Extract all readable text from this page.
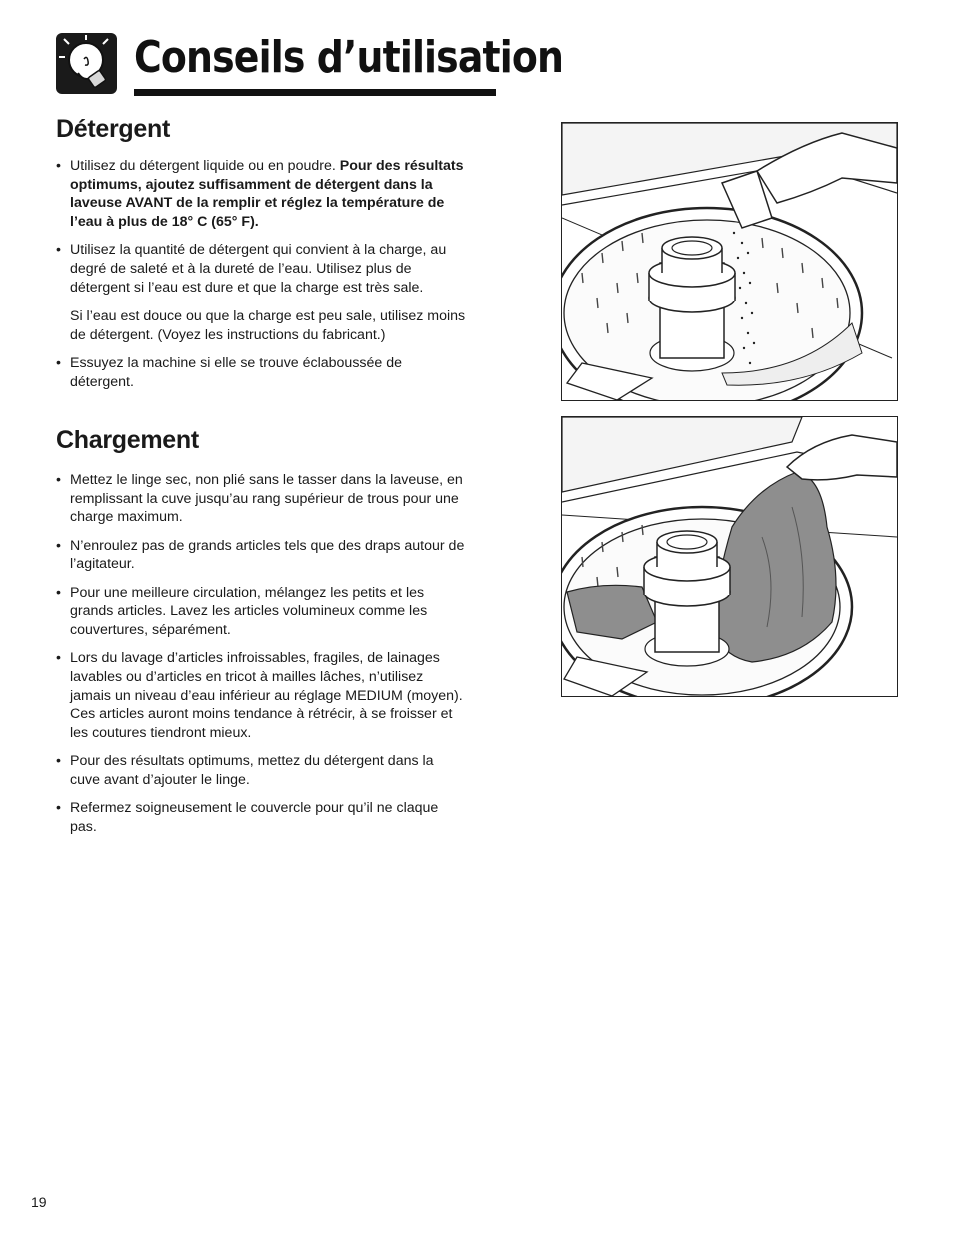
Conseils d’utilisation
Détergent
• Utilisez du détergent liquide ou en poudre. Pour des résultats optimums, ajoutez suffisamment de détergent dans la laveuse AVANT de la remplir et réglez la température de l’eau à plus de 18° C (65° F).
• Utilisez la quantité de détergent qui convient à la charge, au degré de saleté et à la dureté de l’eau. Utilisez plus de détergent si l’eau est dure et que la charge est très sale.
Si l’eau est douce ou que la charge est peu sale, utilisez moins de détergent. (Voyez les instructions du fabricant.)
• Essuyez la machine si elle se trouve éclaboussée de détergent.
Chargement
• Mettez le linge sec, non plié sans le tasser dans la laveuse, en remplissant la cuve jusqu’au rang supérieur de trous pour une charge maximum.
• N’enroulez pas de grands articles tels que des draps autour de l’agitateur.
• Pour une meilleure circulation, mélangez les petits et les grands articles. Lavez les articles volumineux comme les couvertures, séparément.
• Lors du lavage d’articles infroissables, fragiles, de lainages lavables ou d’articles en tricot à mailles lâches, n’utilisez jamais un niveau d’eau inférieur au réglage MEDIUM (moyen). Ces articles auront moins tendance à rétrécir, à se froisser et les coutures tiendront mieux.
• Pour des résultats optimums, mettez du détergent dans la cuve avant d’ajouter le linge.
• Refermez soigneusement le couvercle pour qu’il ne claque pas.
19
